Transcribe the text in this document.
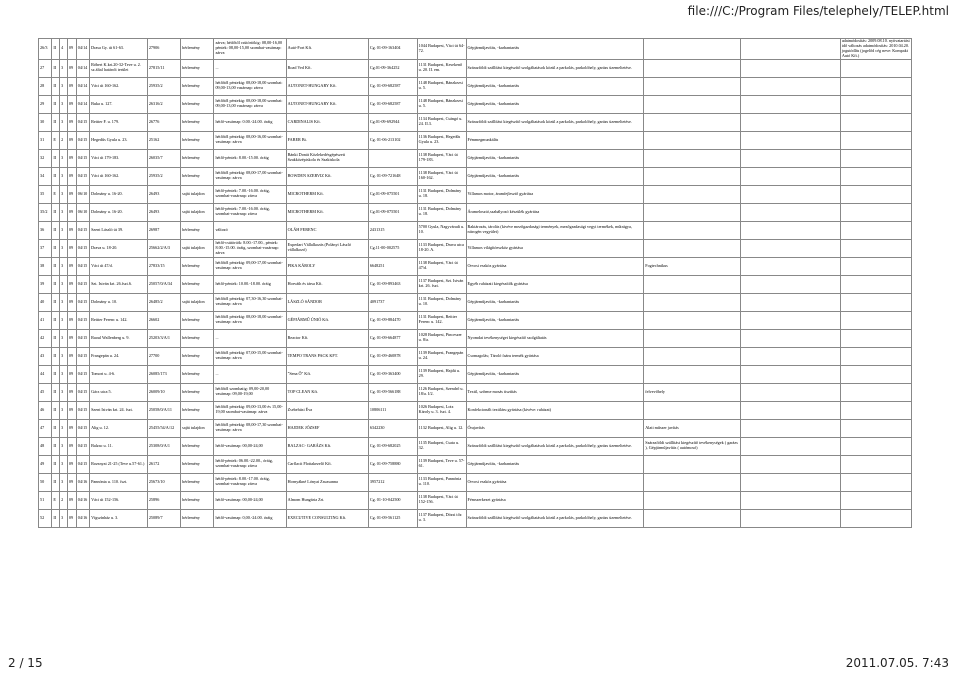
file:///C:/Program Files/telephely/TELEP.html
26/3	II	4	09	04/14	Drasa Gy. út 61-63.	27906	bérlemény	zárva; hétfőtől csütörtökig: 08,00-16,00 péntek: 08,00-15,00 szombat-vasárnap: zárva	Autó-Fort Kft.	Cg. 01-09-163404	1044 Budapest, Váci út 64-72.	Gépjárműjavítás, -karbantartás			adatmódosítás: 2009.08.10. nyitvatartási idő változás adatmódosítás: 2010.04.20. jogutódlás (jogelőd cég neve: Kompakt Autó Kft.)
27	II	3	09	04/14	Róbert K.krt.20-32-Teve u. 2. sz.által határolt terület	27815/11	bérlemény	...	Road Ved Kft.	Cg.01-09-364252	1131 Budapest, Kesekenő u. 20. II. em.	Szárazföldi szállítást kiegészítő szolgáltatások közül a parkolás, parkolóhely, garázs üzemeltetése.			
28	II	3	09	04/14	Váci út 160-162.	25935/2	bérlemény	hétfőtől péntekig: 08,00-18,00 szombat: 09,00-13,00 vasárnap: zárva	AUTONET-HUNGARY Kft.	Cg. 01-09-682587	1148 Budapest, Bánzkezsi u. 5.	Gépjárműjavítás, -karbantartás			
29	II	3	09	04/14	Buka u. 127.	26316/2	bérlemény	hétfőtől péntekig: 08,00-18,00 szombat: 09,00-13,00 vasárnap: zárva	AUTONET-HUNGARY Kft.	Cg. 01-09-682587	1148 Budapest, Bánzkezsi u. 5.	Gépjárműjavítás, -karbantartás			
30	II	3	09	04/15	Reitter F. u. 179.	26776	bérlemény	hétfő-vasárnap: 0.00.-24.00. óráig	CARDINALIS Kft.	Cg.01-09-692944	1134 Budapest, Csángó u. 24. II.3.	Szárazföldi szállítást kiegészítő szolgáltatások közül a parkolás, parkolóhely, garázs üzemeltetése.			
31	E	2	09	04/15	Hegedűs Gyula u. 23.	25162	bérlemény	hétfőtől péntekig: 08,00-16,00 szombat-vasárnap: zárva	FABER Bt.	Cg. 01-06-213102	1136 Budapest, Hegedűs Gyula u. 23.	Fémmegmunkálás			
32	II	3	09	04/15	Váci út 179-183.	26035/7	bérlemény	hétfő-péntek: 8.00.-15.00. óráig	Bánki Donát Közlekedésgépészeti Szakközépiskola és Szakiskola		1138 Budapest, Váci út 179-183.	Gépjárműjavítás, -karbantartás			
34	II	3	09	04/15	Váci út 160-162.	25935/2	bérlemény	hétfőtől péntekig: 08,00-17,00 szombat-vasárnap: zárva	BOWDEN SZERVIZ Kft.	Cg. 01-09-721648	1138 Budapest, Váci út 160-162.	Gépjárműjavítás, -karbantartás			
35	E	3	09	06/10	Dolmány u. 16-20.	26493	saját tulajdon	hétfő-péntek: 7.00.-16.00. óráig, szombat-vasárnap: zárva	MICROTHERM Kft.	Cg.01-09-075501	1131 Budapest, Dolmány u. 18.	Villamos motor, áramfejlesztő gyártása			
35/2	II	3	09	06/10	Dolmány u. 16-20.	26493	saját tulajdon	hétfő-péntek: 7.00.-16.00. óráig, szombat-vasárnap: zárva	MICROTHERM Kft.	Cg.01-09-075501	1131 Budapest, Dolmány u. 18.	Áramelosztó,szabályozó készülék gyártása			
36	II	3	09	04/15	Szent László út 39.	26987	bérlemény	változó	OLÁH FERENC	2431315	5700 Gyula, Nagyváradi u. 10.	Raktározás, tárolás (kivéve mezőgazdasági termények, mezőgazdasági vegyi termékek, műtrágya, nitrogén vegyület)			
37	II	3	09	04/15	Drava u. 18-20.	25662/2/A/3	saját tulajdon	hétfő-csütörtök: 8.00.-17.00., péntek: 8.00.-15.00. óráig, szombat-vasárnap: zárva	Expedart Vállalkozás (Polányi László vállalkozó)	Cg.11-00-002575	1133 Budapest, Drava utca 18-20. A.	Villamos világítóeszköz gyártása			
38	II	3	09	04/15	Váci út 47/d.	27833/15	bérlemény	hétfőtől péntekig: 09,00-17,00 szombat-vasárnap: zárva	PIKA KÁROLY	6648251	1138 Budapest, Váci út 47/d.	Orvosi eszköz gyártása	Fogtechnikus		
39	II	3	09	04/15	Szt. István krt. 26.fszt.6.	25057/0/A/34	bérlemény	hétfő-péntek: 10.00.-18.00. óráig	Horváth és társa Kft.	Cg. 01-09-893463	1137 Budapest, Szt. István krt. 26. fszt.	Egyéb ruházati kiegészítők gyártása			
40	II	3	09	04/15	Dolmány u. 10.	26485/2	saját tulajdon	hétfőtől péntekig: 07,30-16,30 szombat-vasárnap: zárva	LÁSZLÓ SÁNDOR	4091737	1131 Budapest, Dolmány u. 10.	Gépjárműjavítás, -karbantartás			
41	II	3	09	04/15	Reitter Ferenc u. 142.	26602	bérlemény	hétfőtől péntekig: 08,00-18,00 szombat-vasárnap: zárva	GÉPJÁRMŰ ÚNIÓ Kft.	Cg. 01-09-884470	1131 Budapest, Reitter Ferenc u. 142.	Gépjárműjavítás, -karbantartás			
42	II	3	09	04/15	Raoul Wallenberg u. 9.	25203/3/A/1	bérlemény	...	Reactor Kft.	Cg. 01-09-664877	1028 Budapest, Pinceszer u. 8/a.	Nyomdai tevékenységet kiegészítő szolgáltatás			
43	II	3	09	04/15	Frangepán u. 24.	27700	bérlemény	hétfőtől péntekig: 07,00-15,00 szombat-vasárnap: zárva	TEMPO TRANS PACK KFT.	Cg. 01-09-460878	1139 Budapest, Frangepán u. 24.	Csomagolás; Tároló faáru termék gyártása			
44	II	3	09	04/15	Tomori u. 4-6.	26085/173	bérlemény	...	"Sena Ő" Kft.	Cg. 01-09-363400	1139 Budapest, Hajdú u. 29.	Gépjárműjavítás, -karbantartás			
45	II	3	09	04/15	Gács utca 5.	26009/10	bérlemény	hétfőtől szombatig: 09,00-20,00 vasárnap: 09,00-19,00	TOP CLEAN Kft.	Cg. 01-09-566188	1126 Budapest, Szendrő u. 18/a. I/2.	Textil, szőrme mosás tisztítás	felvevőhely		
46	II	3	09	04/15	Szent István krt. 24. fszt.	25058/0/A/11	bérlemény	hétfőtől péntekig: 09,00-13,00 és 15,00-19,00 szombat-vasárnap: zárva	Zsebehüsi Éva	10806111	1026 Budapest, Lotz Károly u. 3. fszt. 4.	Konfekcionált textiláru gyártása (kivéve: ruházat)			
47	II	3	09	04/15	Alig u. 12.	25455/54/A/12	saját tulajdon	hétfőtől péntekig: 08,00-17,30 szombat-vasárnap: zárva	HAJDEK JÓZSEF	6342230	1132 Budapest, Alig u. 12.	Órajavítás	Alati műszer javítás		
48	II	3	09	04/15	Balzac u. 11.	25308/0/A/1	bérlemény	hétfő-vasárnap: 00,00-24,00	BALZAC- GARÁZS Kft.	Cg. 01-09-682025	1135 Budapest, Csata u. 32.	Szárazföldi szállítást kiegészítő szolgáltatások közül a parkolás, parkolóhely, garázs üzemeltetése.	Szárazföldi szállítást kiegészítő tevékenységek ( garázs ), Gépjárműjavítás ( autómosó)		
49	II	3	09	04/15	Rozsnyai 21-25 (Teve u.57-61.)	26172	bérlemény	hétfő-péntek: 06.00.-22.00., óráig, szombat-vasárnap: zárva	Carflacit Flottakezelő Kft.	Cg. 01-09-758880	1139 Budapest, Teve u. 57-61.	Gépjárműjavítás, -karbantartás			
50	II	3	09	04/16	Pannónia u. 110. fszt.	25673/10	bérlemény	hétfő-péntek: 8.00.-17.00. óráig, szombat-vasárnap: zárva	Hornyákné Lónyai Zsuzsanna	3957212	1133 Budapest, Pannónia u. 110.	Orvosi eszköz gyártása			
51	E	2	09	04/16	Váci út 152-156.	25896	bérlemény	hétfő-vasárnap: 00,00-24,00	Almom Hungária Zrt.	Cg. 01-10-042500	1138 Budapest, Váci út 152-156.	Fémszerkezet gyártása			
52	II	3	09	04/16	Vígszínház u. 3.	25089/7	bérlemény	hétfő-vasárnap: 0,00.-24.00. óráig	EXECUTIVE CONSULTING Kft.	Cg. 01-09-561125	1137 Budapest, Dózsi tőz u. 3.	Szárazföldi szállítást kiegészítő szolgáltatások közül a parkolás, parkolóhely, garázs üzemeltetése.			
2 / 15	2011.07.05. 7:43
